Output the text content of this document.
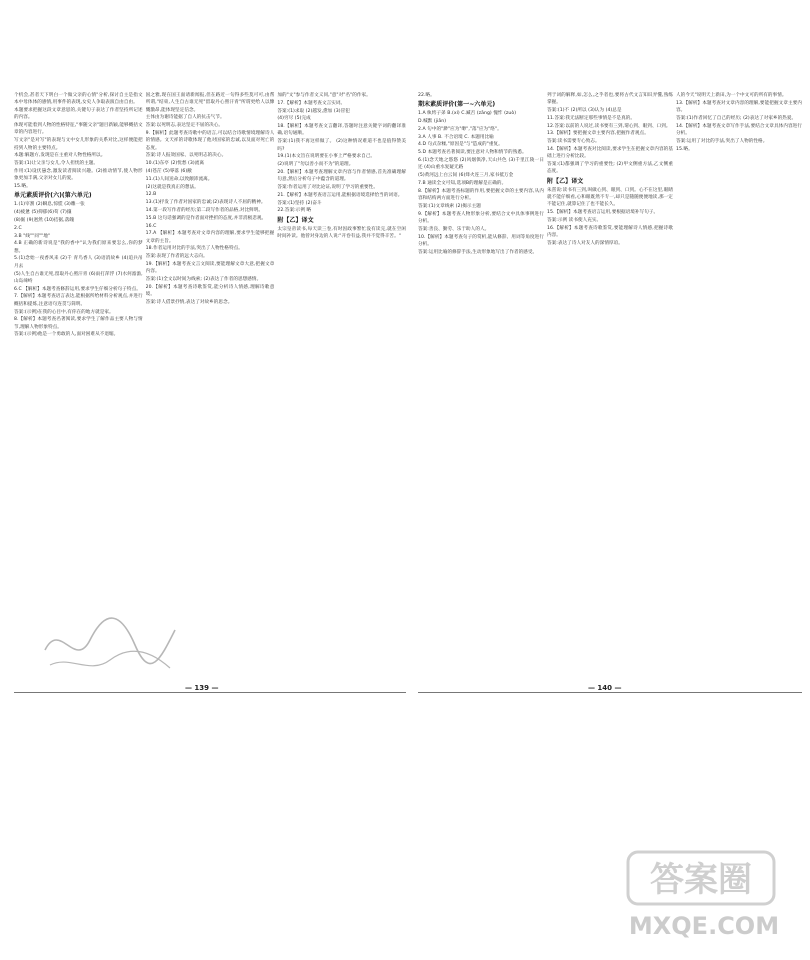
个机会,甚者天下明白一个做父亲的心情"分析,探讨自主是指文本中母体体的感情,用事件的表现,女史人争取表演自由自由。

本题要求把握这段文章意思的,关键句子表达了作者坚持所记述的内容。

体现可能着到人物的性格特征,"事随父亲"题目新颖,能够概括文章的内容进行。

写文亲"是对写"的表现与文中女儿形象的关系对比,这样便能把持到人物的主要特点。

本题:解题方,发现是在主重对人物性格所以。

答案:(1)让父亲与女儿,令人担忧的主题。

作用:(1)设伏悬念,激发读者阅读兴趣。(2)推动情节,使人物形象更加丰满,父亲对女儿的爱。

15.略。

单元素质评价(六)(第六单元)

1.(1)宰割 (2)瞬息,惊慌 (3)雕一张

(4)疲惫 (5)抑郁(6)苟 (7)攘

(8)倔 (9)迥然 (10)拮据,落魄

2.C

3.B "线""同""地"

4.B 正确的新诗说是"我的香中"认为我们原来要怎么,你的梦想。

5.(1)念始一夜香风来 (2)千 青鸟香人 (3)语消故乡 (4)追兵吊月去

(5)人生自古谁无死,留取丹心照汗青 (6)雨打萍浮 (7)水何澹澹,山岛竦峙

6.C 【解析】本题考查修辞运用,要求学生仔细分析句子特点。

7.【解析】本题考查语言表达,能根据所给材料分析观点,并进行概括和提炼,注意语句连贯与简明。

答案:(示例)在我的心目中,有你在的地方就是家。

8.【解析】本题考查名著阅读,要求学生了解作品主要人物与情节,理解人物形象特点。

答案:(示例)他是一个勇敢的人,面对困难从不退缩。

国之雅,现在国王面请新闻报,但在路近一句得多些莫可可,由帮所谓,"结束,人生自古谁无死"留取丹心照汗青"所谓更给人以慷慨激昂,能体现坚定信念。

主体由为谢诗能据了自人的抗击气节。

答案:以死明志,表达坚定不屈的决心。

9.【解析】此题考查诗歌中的语言,可以结合诗歌情境理解诗人的情感。文天祥的诗歌体现了他对国家的忠诚,以及面对死亡的态度。

答案:诗人报效国家、以死明志的决心。

10.(1)东亭 (2)忧愁 (3)流离

(4)苍茫 (5)零落 (6)敝

11.(1)人间送命,以致颠沛流离。

(2)这就是我真正的想法。

12.B

13.(1)抒发了作者对国家的忠诚;(2)表现诗人不屈的精神。

14.第一段写作者的经历;第二段写作者的品格,对比鲜明。

15.B 这句话强调的是作者面对挫折的态度,并非消极悲观。

16.C

17.A 【解析】本题考查对文章内容的理解,要求学生能够把握文章的主旨。

18.作者运用对比的手法,突出了人物性格特点。

答案:表现了作者的远大志向。

19.【解析】本题考查文言文阅读,要能理解文章大意,把握文章内容。

答案:(1)全文以时间为线索; (2)表达了作者的思想感情。

20.【解析】本题考查诗歌鉴赏,能分析诗人情感,理解诗歌意境。

答案:诗人借景抒情,表达了对故乡的思念。

加的"文"参与作者文义同,"意"对"名"的作家。

17.【解析】本题考查文言实词。

答案:(1)求取 (2)越发,愈加 (3)冒犯

(4)穷尽 (5)完成

18.【解析】本题考查文言翻译,答题时注意关键字词的翻译准确,语句通顺。

答案:(1)我不再这样做了。 (2)这种情况难道不也是值得赞美吗?

19.(1)本文旨在说明要在小事上严格要求自己。

(2)说明了"勿以善小而不为"的道理。

20.【解析】本题考查理解文章内容与作者情感,首先准确理解句意,然后分析句子中蕴含的道理。

答案:作者运用了对比论证,说明了学习的重要性。

21.【解析】本题考查语言运用,能根据语境选择恰当的词语。

答案:(1)坚持 (2)奋斗

22.答案:示例 略

附【乙】译文

太宗皇帝读书,每天读三卷,有时因政事繁忙没有读完,就在空闲时间补读。他曾对身边的人说:"开卷有益,我并不觉得辛苦。"

22.略。

期末素质评价(第一~六单元)

1.A 纨绔子弟 B.(xí) C.臧否 (zāng) 愧怍 (zuò)

D.缄默 (jiān)

2.A 句中的"渺"应为"缈","落"应为"络"。

3.A 人事 B. 不合语境 C. 本题用比喻

4.D 句式杂糅,"原因是"与"造成的"重复。

5.D 本题考查名著阅读,要注意对人物和情节的熟悉。

6.(1)念天地之悠悠 (2)风烟俱净,天山共色 (3)千里江陵一日还 (4)山重水复疑无路

(5)黄河远上白云间 (6)烽火连三月,家书抵万金

7.B 通读全文可知,选项B的理解是正确的。

8.【解析】本题考查标题的作用,要把握文章的主要内容,从内容和结构两方面进行分析。

答案:(1)文章线索 (2)揭示主题

9.【解析】本题考查人物形象分析,要结合文中具体事例进行分析。

答案:善良、勤劳、乐于助人的人。

10.【解析】本题考查句子的赏析,能从修辞、用词等角度进行分析。

答案:运用比喻的修辞手法,生动形象地写出了作者的感受。

列于词的解释,如,怎么,之乎者也,要将古代文言知识弄懂,熟练掌握。

答案:(1)不 (2)所以 (3)认为 (4)总是

11.答案:我无法断定那些事情是不是真的。

12.答案:以前的人说过,读书要有三到,谓心到、眼到、口到。

13.【解析】要把握文章主要内容,把握作者观点。

答案:读书需要专心致志。

14.【解析】本题考查对比阅读,要求学生在把握文章内容的基础上进行分析比较。

答案:(1)都强调了学习的重要性; (2)甲文侧重方法,乙文侧重态度。

附【乙】译文

朱熹说:读书有三到,叫做心到、眼到、口到。心不在这里,眼睛就不能仔细看,心和眼既然不专一,却只是随随便便地读,那一定不能记住,就算记住了也不能长久。

15.【解析】本题考查语言运用,要根据语境补写句子。

答案:示例 读书使人充实。

16.【解析】本题考查诗歌鉴赏,要能理解诗人情感,把握诗歌内容。

答案:表达了诗人对友人的深情厚谊。

人的今天"说明天上新田,为一个中文可的所有的事情。

13.【解析】本题考查对文章内容的理解,要能把握文章主要内容。

答案:(1)作者回忆了自己的经历; (2)表达了对家乡的热爱。

14.【解析】本题考查文章写作手法,要结合文章具体内容进行分析。

答案:运用了对比的手法,突出了人物的性格。

15.略。

— 139 —	— 140 —
答案圈
MXQE.COM
